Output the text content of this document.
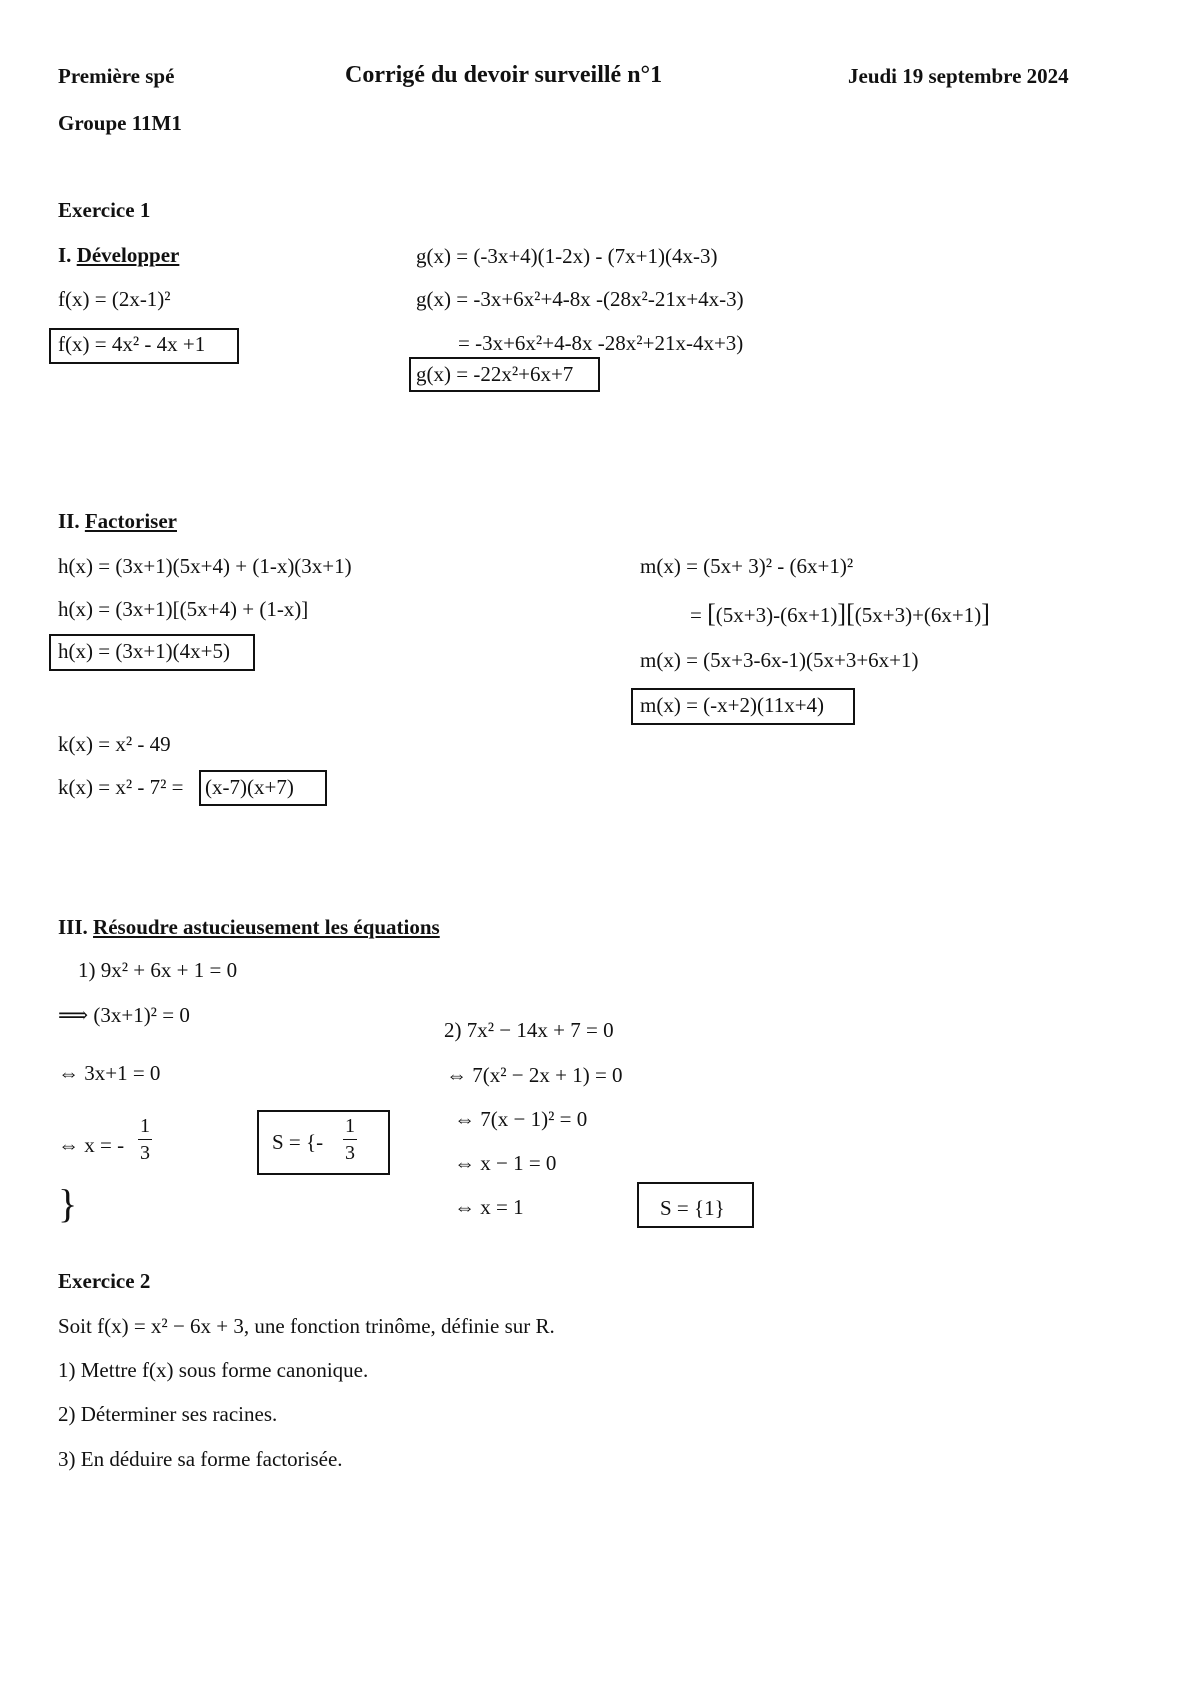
Première spé	Corrigé du devoir surveillé n°1	Jeudi 19 septembre 2024
Groupe 11M1
Exercice 1
I. Développer
f(x) = (2x-1)²
f(x) = 4x² - 4x +1
g(x) = (-3x+4)(1-2x) - (7x+1)(4x-3)
g(x) = -3x+6x²+4-8x -(28x²-21x+4x-3)
= -3x+6x²+4-8x -28x²+21x-4x+3)
g(x) = -22x²+6x+7
II. Factoriser
h(x) = (3x+1)(5x+4) + (1-x)(3x+1)
h(x) = (3x+1)[(5x+4) + (1-x)]
h(x) = (3x+1)(4x+5)
k(x) = x² - 49
k(x) = x² - 7² = (x-7)(x+7)
m(x) = (5x+ 3)² - (6x+1)²
= [(5x+3)-(6x+1)][(5x+3)+(6x+1)]
m(x) = (5x+3-6x-1)(5x+3+6x+1)
m(x) = (-x+2)(11x+4)
III. Résoudre astucieusement les équations
1) 9x² + 6x + 1 = 0
⟹ (3x+1)² = 0
⇔ 3x+1 = 0
⇔ x = -
1
3
}
S = {-
1
3
2) 7x² − 14x + 7 = 0
⇔ 7(x² − 2x + 1) = 0
⇔ 7(x − 1)² = 0
⇔ x − 1 = 0
⇔ x = 1	S = {1}
Exercice 2
Soit f(x) = x² − 6x + 3, une fonction trinôme, définie sur R.
1) Mettre f(x) sous forme canonique.
2) Déterminer ses racines.
3) En déduire sa forme factorisée.
